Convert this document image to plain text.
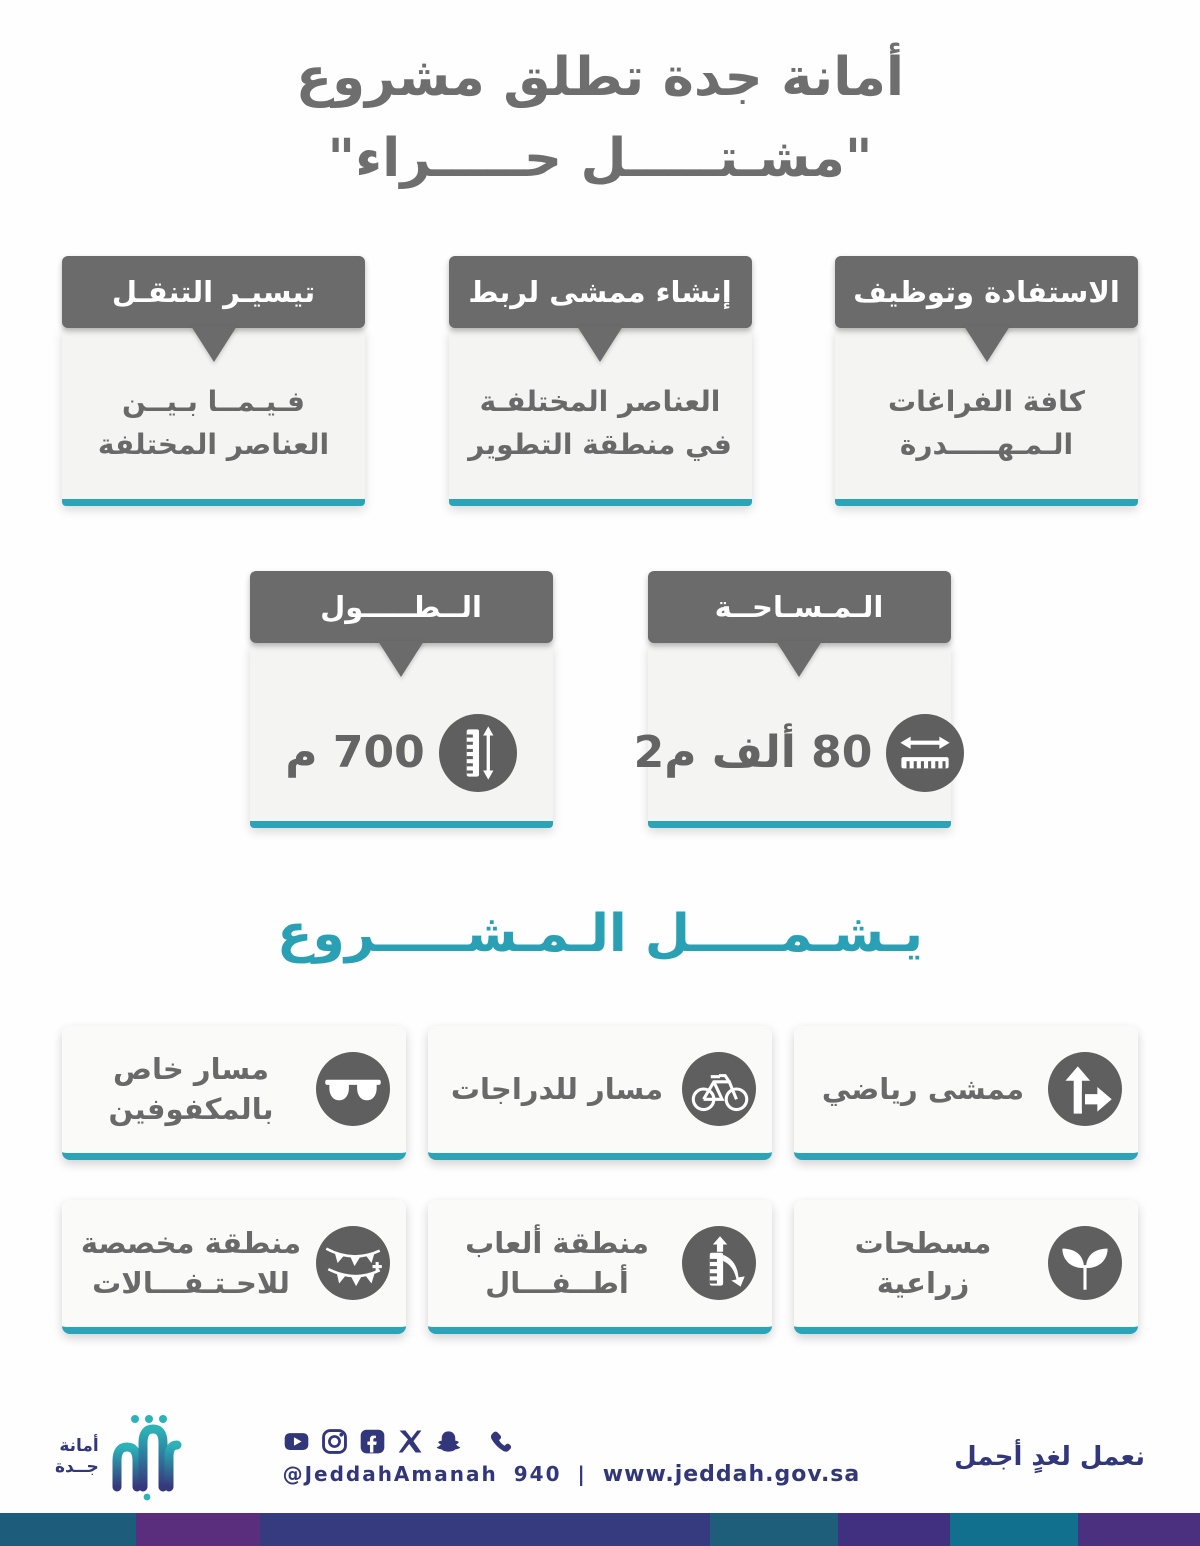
أمانة جدة تطلق مشروع
"مشـتـــــل حـــــراء"
الاستفادة وتوظيف
كافة الفراغات
الـمـهـــــدرة
إنشاء ممشى لربط
العناصر المختلفـة
في منطقة التطوير
تيسيـر التنقـل
فـيـمــا بـيــن
العناصر المختلفة
الـمـسـاحــة
80 ألف م2
الــطـــــول
700 م
يـشـمـــــل الـمـشـــــروع
ممشى رياضي
مسار للدراجات
مسار خاص
بالمكفوفين
مسطحات زراعية
منطقة ألعاب
أطــفـــال
منطقة مخصصة
للاحـتـفـــالات
نعمل لغدٍ أجمل
@JeddahAmanah 940 | www.jeddah.gov.sa
أمانة
جــدة
